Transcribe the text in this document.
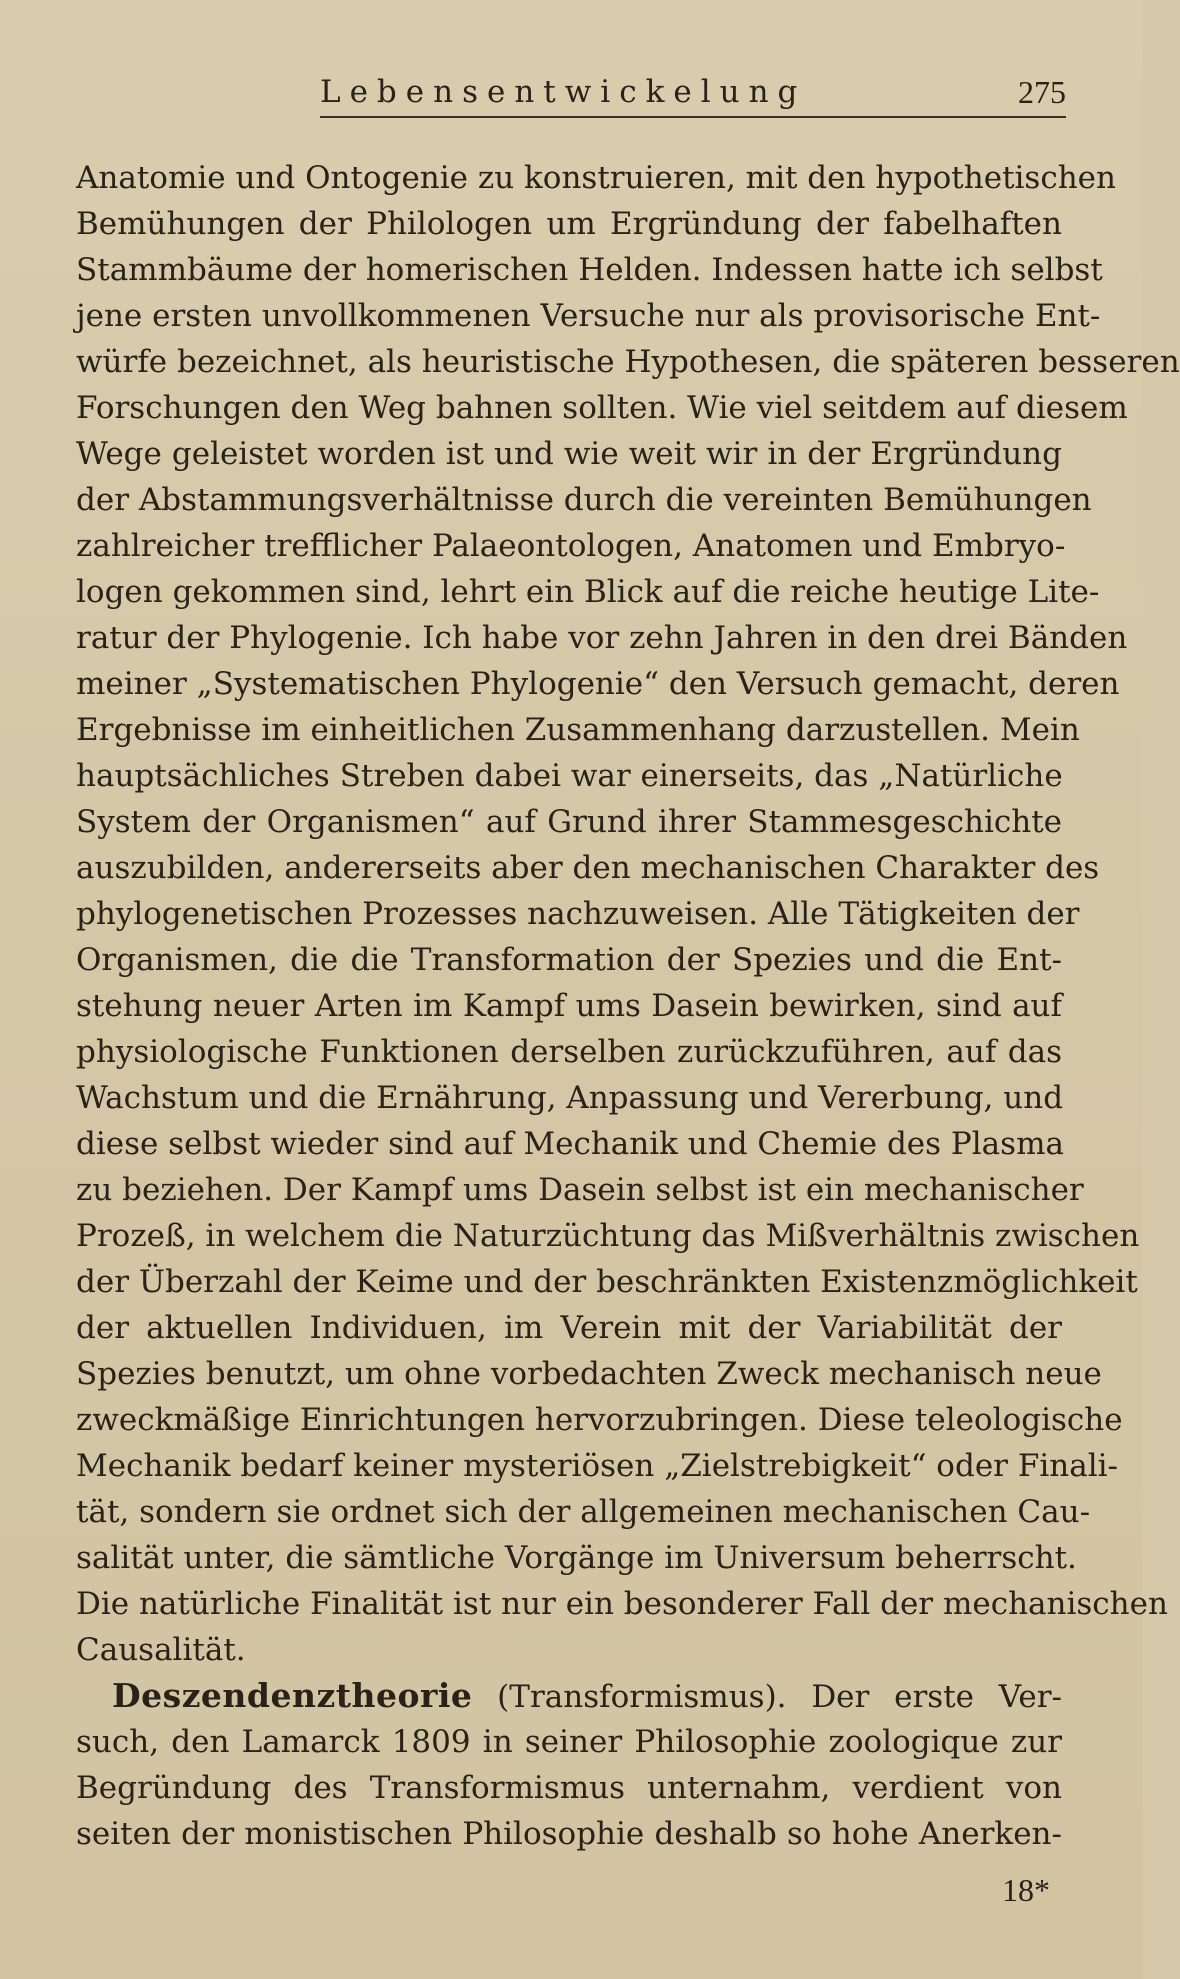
Lebensentwickelung	275
Anatomie und Ontogenie zu konstruieren, mit den hypothetischen
Bemühungen der Philologen um Ergründung der fabelhaften
Stammbäume der homerischen Helden. Indessen hatte ich selbst
jene ersten unvollkommenen Versuche nur als provisorische Ent-
würfe bezeichnet, als heuristische Hypothesen, die späteren besseren
Forschungen den Weg bahnen sollten. Wie viel seitdem auf diesem
Wege geleistet worden ist und wie weit wir in der Ergründung
der Abstammungsverhältnisse durch die vereinten Bemühungen
zahlreicher trefflicher Palaeontologen, Anatomen und Embryo-
logen gekommen sind, lehrt ein Blick auf die reiche heutige Lite-
ratur der Phylogenie. Ich habe vor zehn Jahren in den drei Bänden
meiner „Systematischen Phylogenie“ den Versuch gemacht, deren
Ergebnisse im einheitlichen Zusammenhang darzustellen. Mein
hauptsächliches Streben dabei war einerseits, das „Natürliche
System der Organismen“ auf Grund ihrer Stammesgeschichte
auszubilden, andererseits aber den mechanischen Charakter des
phylogenetischen Prozesses nachzuweisen. Alle Tätigkeiten der
Organismen, die die Transformation der Spezies und die Ent-
stehung neuer Arten im Kampf ums Dasein bewirken, sind auf
physiologische Funktionen derselben zurückzuführen, auf das
Wachstum und die Ernährung, Anpassung und Vererbung, und
diese selbst wieder sind auf Mechanik und Chemie des Plasma
zu beziehen. Der Kampf ums Dasein selbst ist ein mechanischer
Prozeß, in welchem die Naturzüchtung das Mißverhältnis zwischen
der Überzahl der Keime und der beschränkten Existenzmöglichkeit
der aktuellen Individuen, im Verein mit der Variabilität der
Spezies benutzt, um ohne vorbedachten Zweck mechanisch neue
zweckmäßige Einrichtungen hervorzubringen. Diese teleologische
Mechanik bedarf keiner mysteriösen „Zielstrebigkeit“ oder Finali-
tät, sondern sie ordnet sich der allgemeinen mechanischen Cau-
salität unter, die sämtliche Vorgänge im Universum beherrscht.
Die natürliche Finalität ist nur ein besonderer Fall der mechanischen
Causalität.
Deszendenztheorie (Transformismus). Der erste Ver-
such, den Lamarck 1809 in seiner Philosophie zoologique zur
Begründung des Transformismus unternahm, verdient von
seiten der monistischen Philosophie deshalb so hohe Anerken-
18*
